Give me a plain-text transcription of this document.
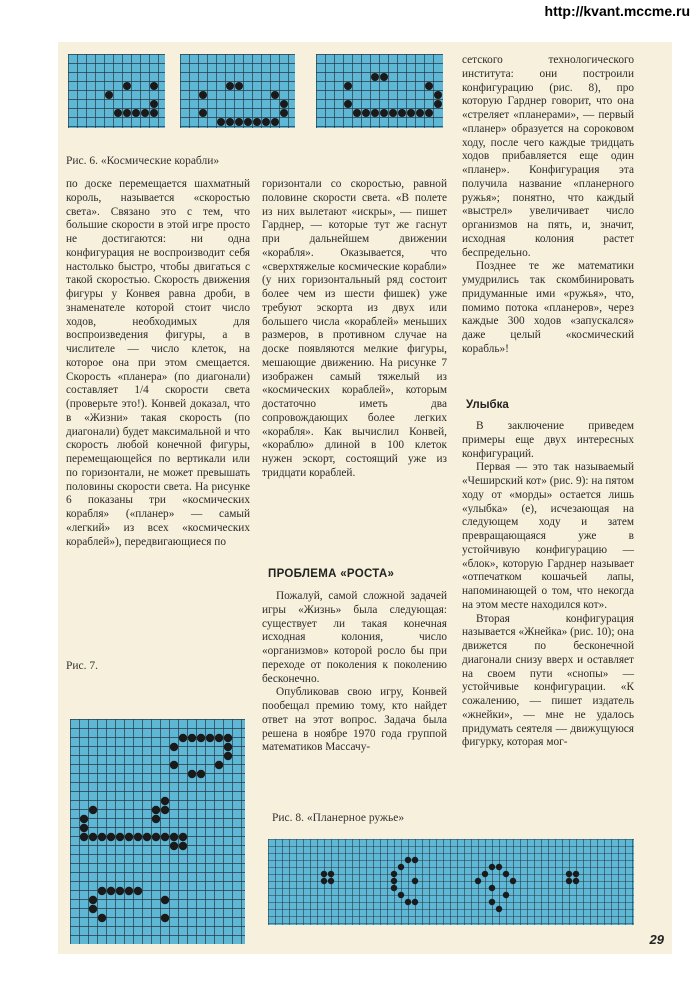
http://kvant.mccme.ru
Рис. 6. «Космические корабли»

сетского технологического института: они построили конфигурацию (рис. 8), про которую Гарднер говорит, что она «стреляет «планерами», — первый «планер» образуется на сороковом ходу, после чего каждые тридцать ходов прибавляется еще один «планер». Конфигурация эта получила название «планерного ружья»; понятно, что каждый «выстрел» увеличивает число организмов на пять, и, значит, исходная колония растет беспредельно.

Позднее те же математики умудрились так скомбинировать придуманные ими «ружья», что, помимо потока «планеров», через каждые 300 ходов «запускался» даже целый «космический корабль»!

Улыбка

В заключение приведем примеры еще двух интересных конфигураций.

Первая — это так называемый «Чеширский кот» (рис. 9): на пятом ходу от «морды» остается лишь «улыбка» (е), исчезающая на следующем ходу и затем превращающаяся уже в устойчивую конфигурацию — «блок», которую Гарднер называет «отпечатком кошачьей лапы, напоминающей о том, что некогда на этом месте находился кот».

Вторая конфигурация называется «Жнейка» (рис. 10); она движется по бесконечной диагонали снизу вверх и оставляет на своем пути «снопы» — устойчивые конфигурации. «К сожалению, — пишет издатель «жнейки», — мне не удалось придумать сеятеля — движущуюся фигурку, которая мог-

по доске перемещается шахматный король, называется «скоростью света». Связано это с тем, что большие скорости в этой игре просто не достигаются: ни одна конфигурация не воспроизводит себя настолько быстро, чтобы двигаться с такой скоростью. Скорость движения фигуры у Конвея равна дроби, в знаменателе которой стоит число ходов, необходимых для воспроизведения фигуры, а в числителе — число клеток, на которое она при этом смещается. Скорость «планера» (по диагонали) составляет 1/4 скорости света (проверьте это!). Конвей доказал, что в «Жизни» такая скорость (по диагонали) будет максимальной и что скорость любой конечной фигуры, перемещающейся по вертикали или по горизонтали, не может превышать половины скорости света. На рисунке 6 показаны три «космических корабля» («планер» — самый «легкий» из всех «космических кораблей»), передвигающиеся по

Рис. 7.

горизонтали со скоростью, равной половине скорости света. «В полете из них вылетают «искры», — пишет Гарднер, — которые тут же гаснут при дальнейшем движении «корабля». Оказывается, что «сверхтяжелые космические корабли» (у них горизонтальный ряд состоит более чем из шести фишек) уже требуют эскорта из двух или большего числа «кораблей» меньших размеров, в противном случае на доске появляются мелкие фигуры, мешающие движению. На рисунке 7 изображен самый тяжелый из «космических кораблей», которым достаточно иметь два сопровождающих более легких «корабля». Как вычислил Конвей, «кораблю» длиной в 100 клеток нужен эскорт, состоящий уже из тридцати кораблей.

ПРОБЛЕМА «РОСТА»

Пожалуй, самой сложной задачей игры «Жизнь» была следующая: существует ли такая конечная исходная колония, число «организмов» которой росло бы при переходе от поколения к поколению бесконечно.

Опубликовав свою игру, Конвей пообещал премию тому, кто найдет ответ на этот вопрос. Задача была решена в ноябре 1970 года группой математиков Массачу-

Рис. 8. «Планерное ружье»
29
